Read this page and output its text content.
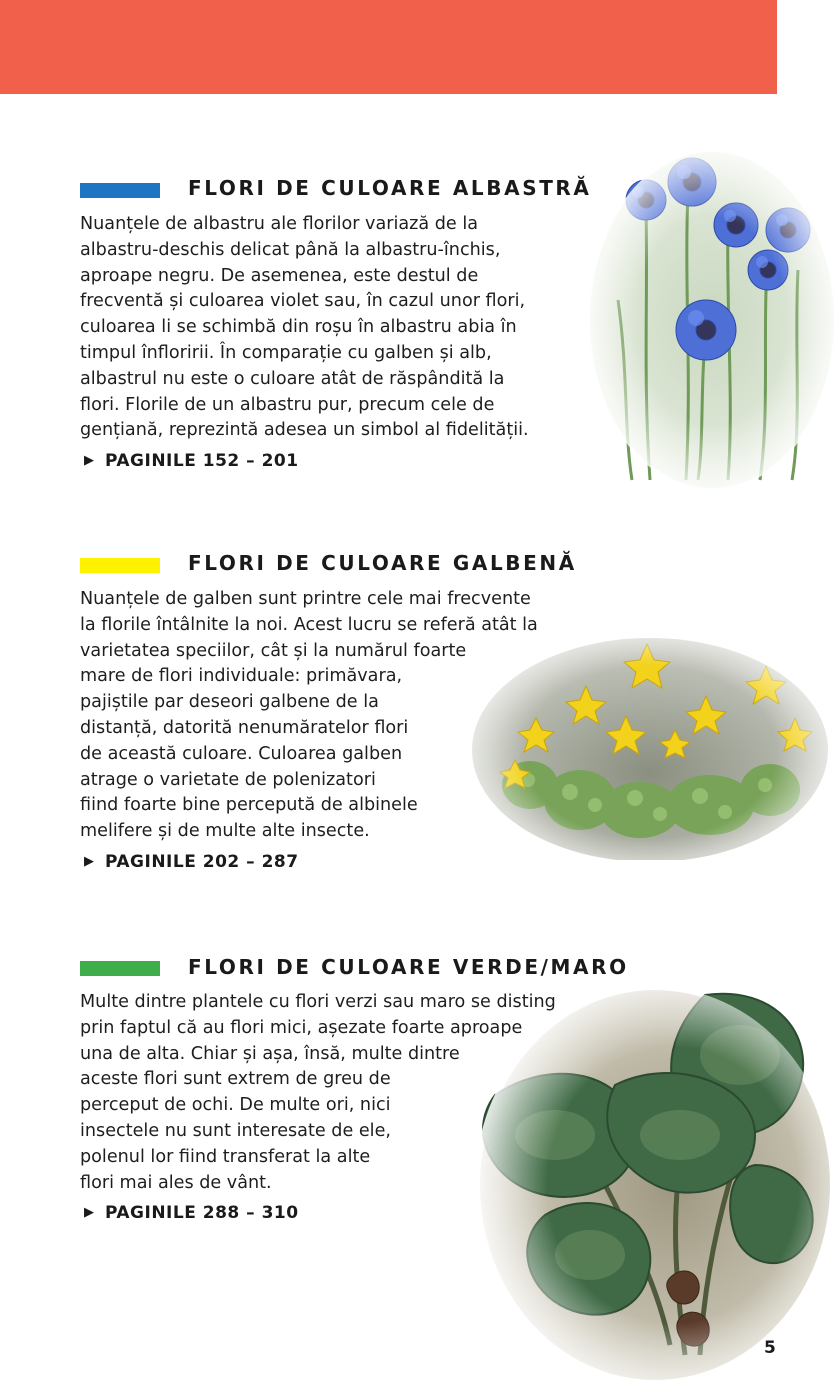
FLORI DE CULOARE ALBASTRĂ

Nuanțele de albastru ale florilor variază de la
albastru-deschis delicat până la albastru-închis,
aproape negru. De asemenea, este destul de
frecventă și culoarea violet sau, în cazul unor flori,
culoarea li se schimbă din roșu în albastru abia în
timpul înfloririi. În comparație cu galben și alb,
albastrul nu este o culoare atât de răspândită la
flori. Florile de un albastru pur, precum cele de
gențiană, reprezintă adesea un simbol al fidelității.

▶ PAGINILE 152 – 201
FLORI DE CULOARE GALBENĂ

Nuanțele de galben sunt printre cele mai frecvente
la florile întâlnite la noi. Acest lucru se referă atât la
varietatea speciilor, cât și la numărul foarte
mare de flori individuale: primăvara,
pajiștile par deseori galbene de la
distanță, datorită nenumăratelor flori
de această culoare. Culoarea galben
atrage o varietate de polenizatori
fiind foarte bine percepută de albinele
melifere și de multe alte insecte.

▶ PAGINILE 202 – 287
FLORI DE CULOARE VERDE/MARO

Multe dintre plantele cu flori verzi sau maro se disting
prin faptul că au flori mici, așezate foarte aproape
una de alta. Chiar și așa, însă, multe dintre
aceste flori sunt extrem de greu de
perceput de ochi. De multe ori, nici
insectele nu sunt interesate de ele,
polenul lor fiind transferat la alte
flori mai ales de vânt.

▶ PAGINILE 288 – 310
5
